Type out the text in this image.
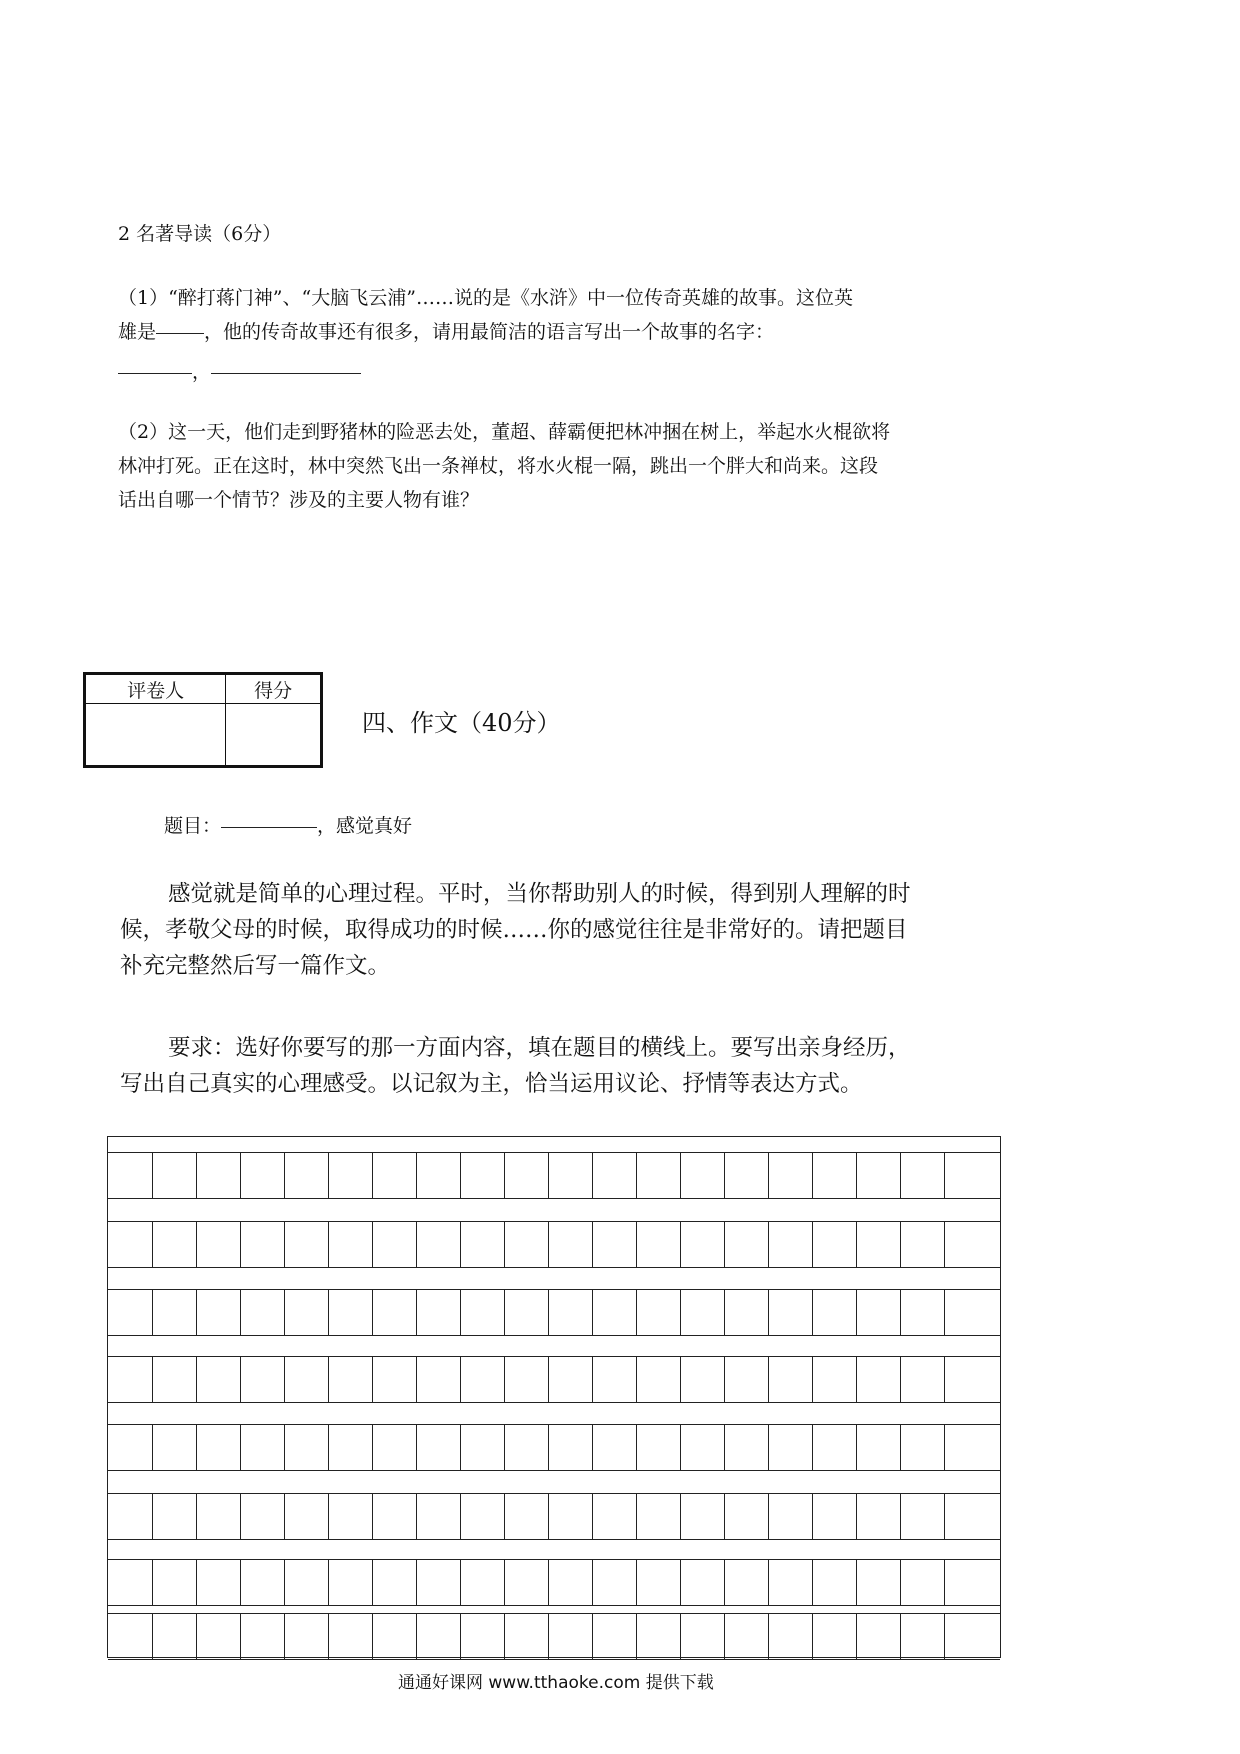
2 名著导读（6分）
（1）“醉打蒋门神”、“大脑飞云浦”……说的是《水浒》中一位传奇英雄的故事。这位英
雄是	，他的传奇故事还有很多，请用最简洁的语言写出一个故事的名字：
，
（2）这一天，他们走到野猪林的险恶去处，董超、薛霸便把林冲捆在树上，举起水火棍欲将
林冲打死。正在这时，林中突然飞出一条禅杖，将水火棍一隔，跳出一个胖大和尚来。这段
话出自哪一个情节？涉及的主要人物有谁？
评卷人	得分

四、作文（40分）
题目：	，感觉真好
感觉就是简单的心理过程。平时，当你帮助别人的时候，得到别人理解的时
候，孝敬父母的时候，取得成功的时候……你的感觉往往是非常好的。请把题目
补充完整然后写一篇作文。
要求：选好你要写的那一方面内容，填在题目的横线上。要写出亲身经历，
写出自己真实的心理感受。以记叙为主，恰当运用议论、抒情等表达方式。
通通好课网 www.tthaoke.com 提供下载
